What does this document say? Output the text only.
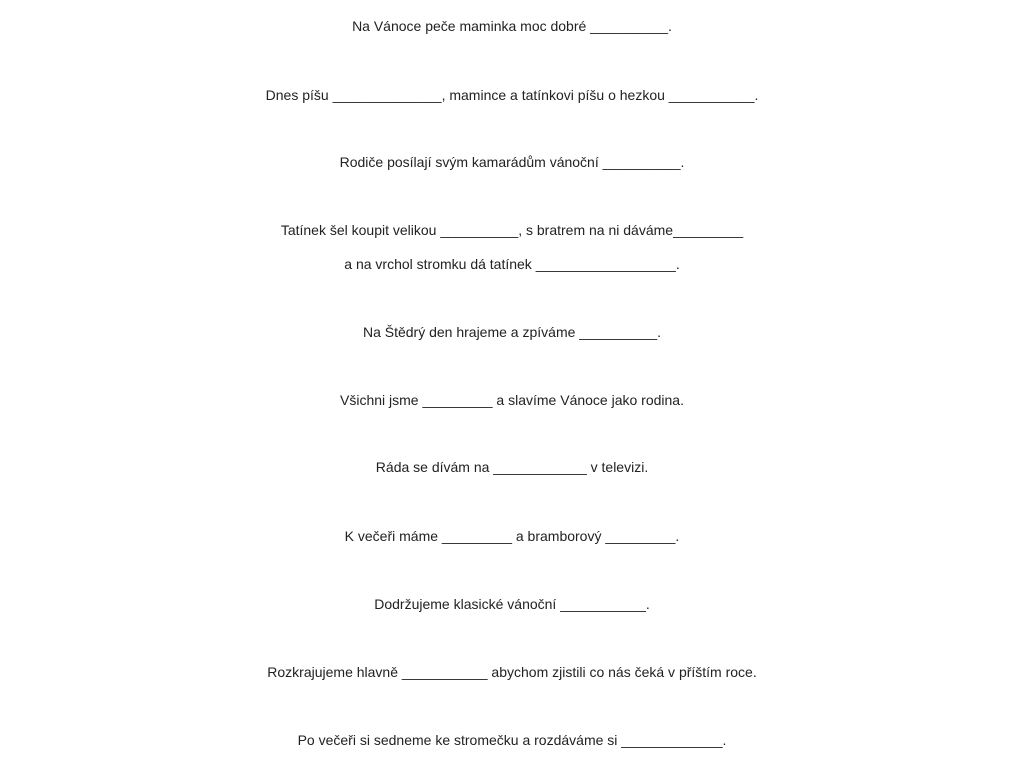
Na Vánoce peče maminka moc dobré __________.
Dnes píšu ______________, mamince a tatínkovi píšu o hezkou ___________.
Rodiče posílají svým kamarádům vánoční __________.
Tatínek šel koupit velikou __________, s bratrem na ni dáváme_________
a na vrchol stromku dá tatínek __________________.
Na Štědrý den hrajeme a zpíváme __________.
Všichni jsme _________ a slavíme Vánoce jako rodina.
Ráda se dívám na ____________ v televizi.
K večeři máme _________ a bramborový _________.
Dodržujeme klasické vánoční ___________.
Rozkrajujeme hlavně ___________ abychom zjistili co nás čeká v příštím roce.
Po večeři si sedneme ke stromečku a rozdáváme si _____________.
